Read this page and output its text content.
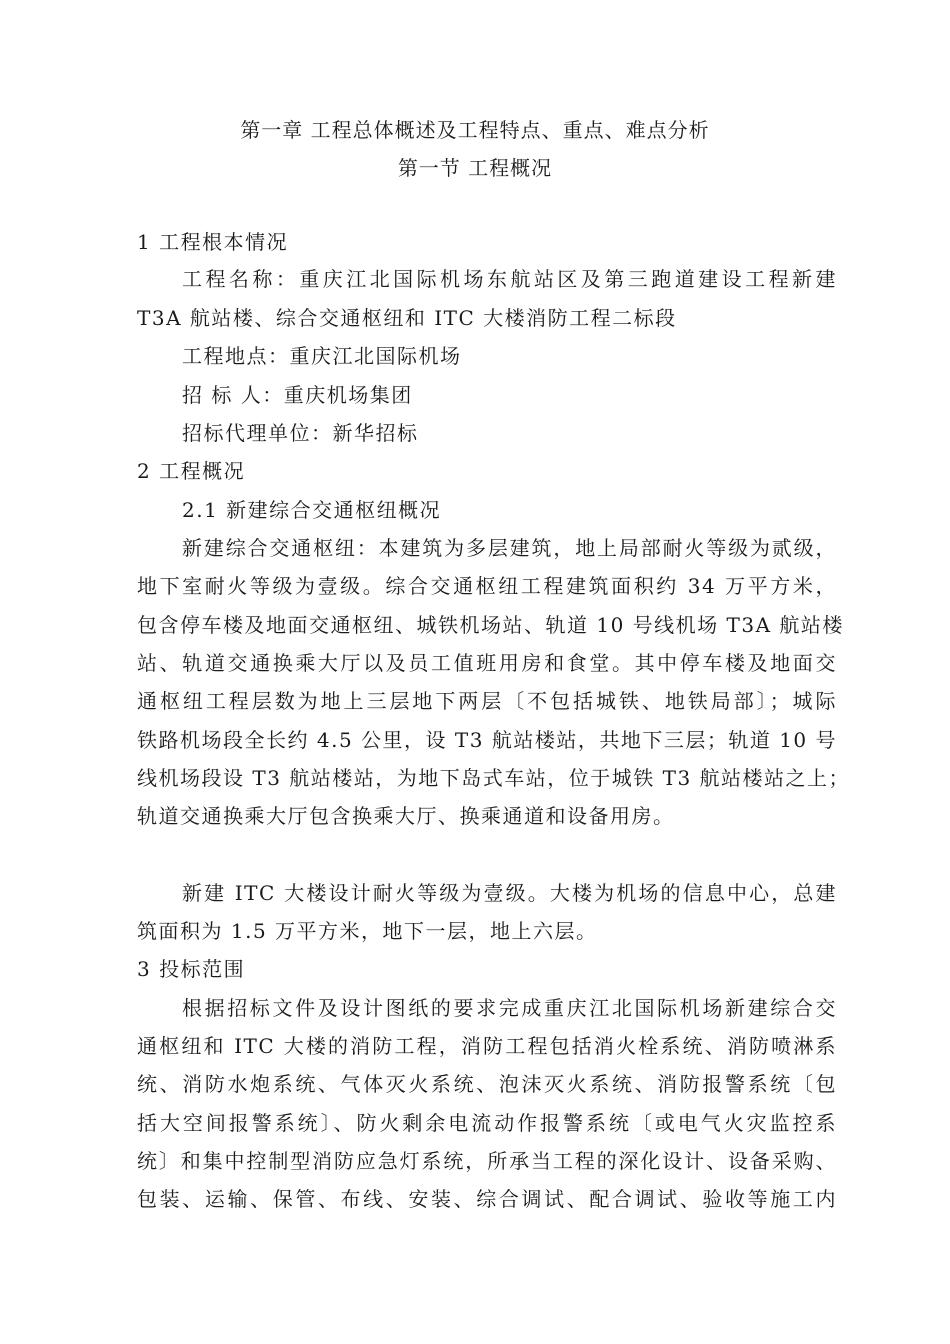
第一章 工程总体概述及工程特点、重点、难点分析
第一节 工程概况
1 工程根本情况
工程名称：重庆江北国际机场东航站区及第三跑道建设工程新建
T3A 航站楼、综合交通枢纽和 ITC 大楼消防工程二标段
工程地点：重庆江北国际机场
招 标 人：重庆机场集团
招标代理单位：新华招标
2 工程概况
2.1 新建综合交通枢纽概况
新建综合交通枢纽：本建筑为多层建筑，地上局部耐火等级为贰级，
地下室耐火等级为壹级。综合交通枢纽工程建筑面积约 34 万平方米，
包含停车楼及地面交通枢纽、城铁机场站、轨道 10 号线机场 T3A 航站楼
站、轨道交通换乘大厅以及员工值班用房和食堂。其中停车楼及地面交
通枢纽工程层数为地上三层地下两层〔不包括城铁、地铁局部〕；城际
铁路机场段全长约 4.5 公里，设 T3 航站楼站，共地下三层；轨道 10 号
线机场段设 T3 航站楼站，为地下岛式车站，位于城铁 T3 航站楼站之上；
轨道交通换乘大厅包含换乘大厅、换乘通道和设备用房。
新建 ITC 大楼设计耐火等级为壹级。大楼为机场的信息中心，总建
筑面积为 1.5 万平方米，地下一层，地上六层。
3 投标范围
根据招标文件及设计图纸的要求完成重庆江北国际机场新建综合交
通枢纽和 ITC 大楼的消防工程，消防工程包括消火栓系统、消防喷淋系
统、消防水炮系统、气体灭火系统、泡沫灭火系统、消防报警系统〔包
括大空间报警系统〕、防火剩余电流动作报警系统〔或电气火灾监控系
统〕和集中控制型消防应急灯系统，所承当工程的深化设计、设备采购、
包装、运输、保管、布线、安装、综合调试、配合调试、验收等施工内
